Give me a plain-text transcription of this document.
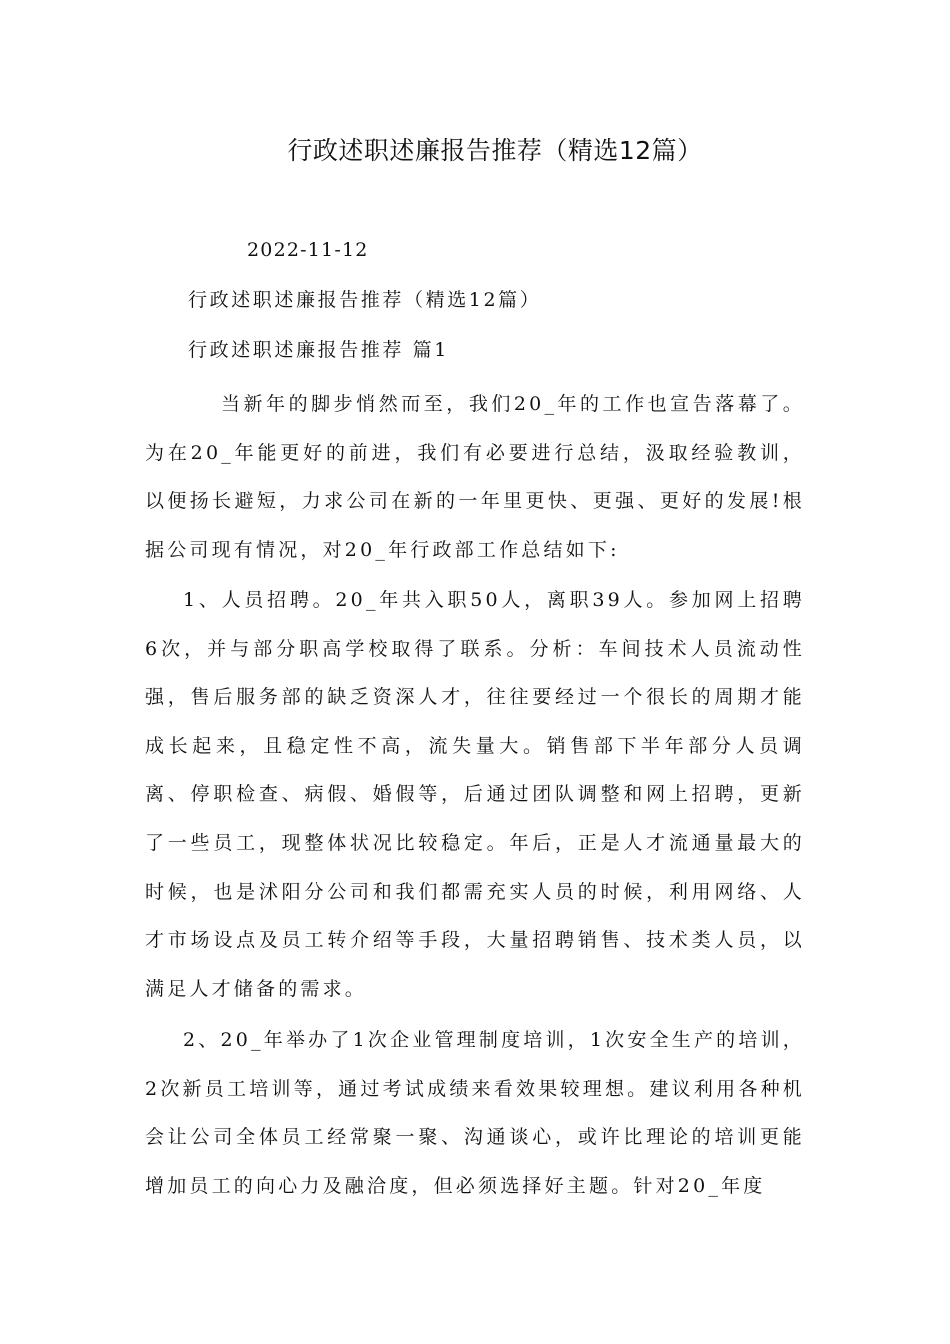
行政述职述廉报告推荐（精选12篇）
2022-11-12
行政述职述廉报告推荐（精选12篇）
行政述职述廉报告推荐 篇1

当新年的脚步悄然而至，我们20_年的工作也宣告落幕了。为在20_年能更好的前进，我们有必要进行总结，汲取经验教训，以便扬长避短，力求公司在新的一年里更快、更强、更好的发展!根据公司现有情况，对20_年行政部工作总结如下:

1、人员招聘。20_年共入职50人，离职39人。参加网上招聘6次，并与部分职高学校取得了联系。分析：车间技术人员流动性强，售后服务部的缺乏资深人才，往往要经过一个很长的周期才能成长起来，且稳定性不高，流失量大。销售部下半年部分人员调离、停职检查、病假、婚假等，后通过团队调整和网上招聘，更新了一些员工，现整体状况比较稳定。年后，正是人才流通量最大的时候，也是沭阳分公司和我们都需充实人员的时候，利用网络、人才市场设点及员工转介绍等手段，大量招聘销售、技术类人员，以满足人才储备的需求。

2、20_年举办了1次企业管理制度培训，1次安全生产的培训，2次新员工培训等，通过考试成绩来看效果较理想。建议利用各种机会让公司全体员工经常聚一聚、沟通谈心，或许比理论的培训更能增加员工的向心力及融洽度，但必须选择好主题。针对20_年度
